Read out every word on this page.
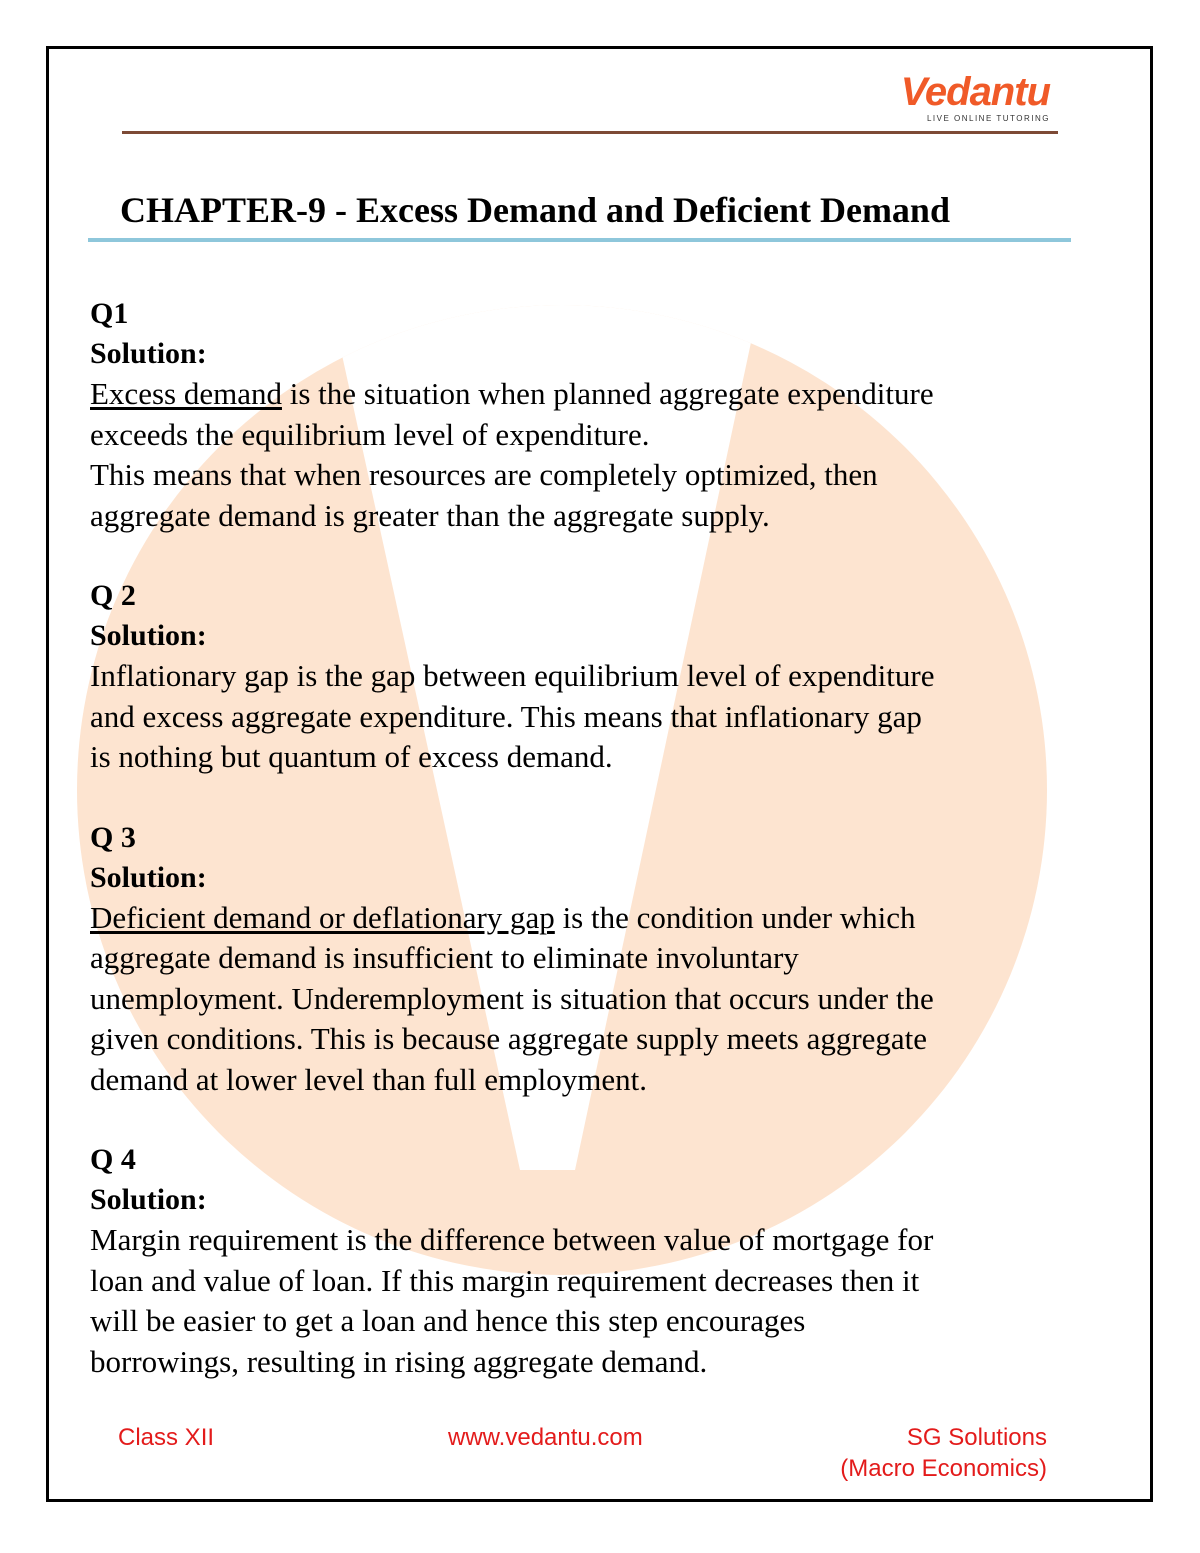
Vedantu
LIVE ONLINE TUTORING
CHAPTER-9 - Excess Demand and Deficient Demand
Q1
Solution:
Excess demand is the situation when planned aggregate expenditure
exceeds the equilibrium level of expenditure.
This means that when resources are completely optimized, then
aggregate demand is greater than the aggregate supply.
Q 2
Solution:
Inflationary gap is the gap between equilibrium level of expenditure
and excess aggregate expenditure. This means that inflationary gap
is nothing but quantum of excess demand.
Q 3
Solution:
Deficient demand or deflationary gap is the condition under which
aggregate demand is insufficient to eliminate involuntary
unemployment. Underemployment is situation that occurs under the
given conditions. This is because aggregate supply meets aggregate
demand at lower level than full employment.
Q 4
Solution:
Margin requirement is the difference between value of mortgage for
loan and value of loan. If this margin requirement decreases then it
will be easier to get a loan and hence this step encourages
borrowings, resulting in rising aggregate demand.
Class XII	www.vedantu.com	SG Solutions
(Macro Economics)
